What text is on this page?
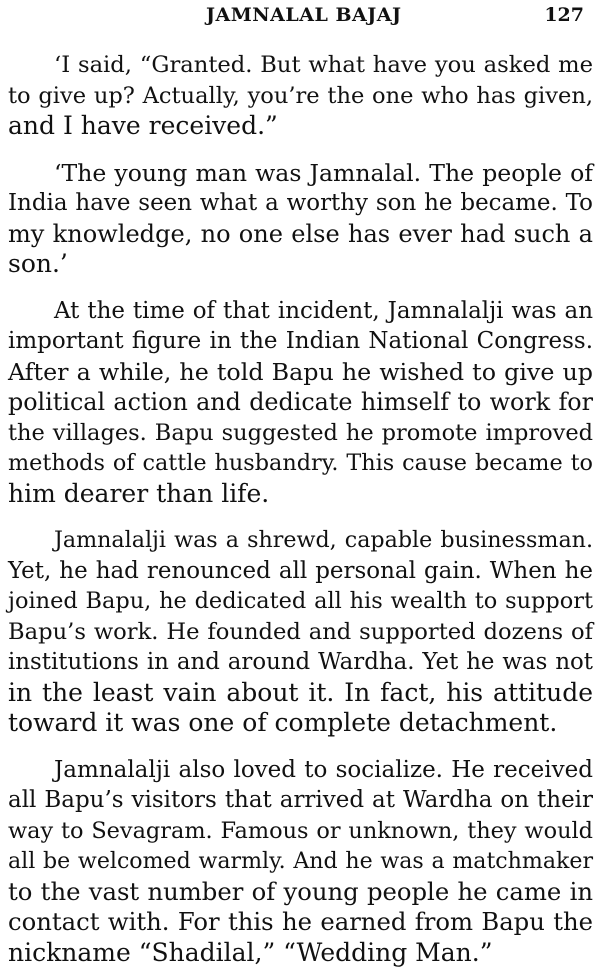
JAMNALAL BAJAJ	127

‘I said, “Granted. But what have you asked me
to give up? Actually, you’re the one who has given,
and I have received.”

‘The young man was Jamnalal. The people of
India have seen what a worthy son he became. To
my knowledge, no one else has ever had such a
son.’

At the time of that incident, Jamnalalji was an
important figure in the Indian National Congress.
After a while, he told Bapu he wished to give up
political action and dedicate himself to work for
the villages. Bapu suggested he promote improved
methods of cattle husbandry. This cause became to
him dearer than life.

Jamnalalji was a shrewd, capable businessman.
Yet, he had renounced all personal gain. When he
joined Bapu, he dedicated all his wealth to support
Bapu’s work. He founded and supported dozens of
institutions in and around Wardha. Yet he was not
in the least vain about it. In fact, his attitude
toward it was one of complete detachment.

Jamnalalji also loved to socialize. He received
all Bapu’s visitors that arrived at Wardha on their
way to Sevagram. Famous or unknown, they would
all be welcomed warmly. And he was a matchmaker
to the vast number of young people he came in
contact with. For this he earned from Bapu the
nickname “Shadilal,” “Wedding Man.”
